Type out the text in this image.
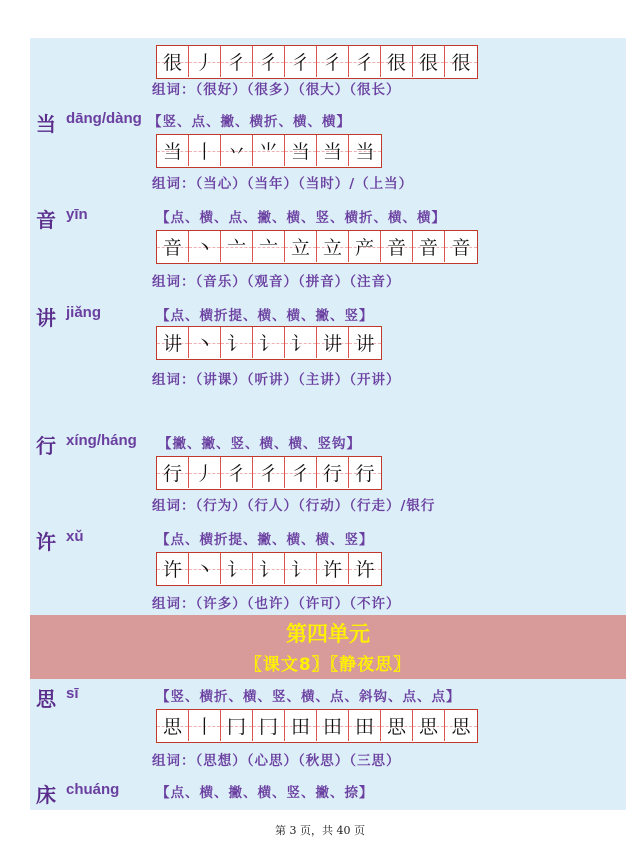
很 丿 彳 彳 彳 彳 彳 很 很 很
组词：（很好）（很多）（很大）（很长）
当 dāng/dàng 【竖、点、撇、横折、横、横】
当 丨 丷 ⺌ 当 当 当
组词：（当心）（当年）（当时）/（上当）
音 yīn	【点、横、点、撇、横、竖、横折、横、横】
音 丶 亠 亠 立 立 产 音 音 音
组词：（音乐）（观音）（拼音）（注音）
讲 jiǎng	【点、横折提、横、横、撇、竖】
讲 丶 讠 讠 讠 讲 讲
组词：（讲课）（听讲）（主讲）（开讲）
行 xíng/háng 【撇、撇、竖、横、横、竖钩】
行 丿 彳 彳 彳 行 行
组词：（行为）（行人）（行动）（行走）/银行
许 xǔ	【点、横折提、撇、横、横、竖】
许 丶 讠 讠 讠 许 许
组词：（许多）（也许）（许可）（不许）
第四单元
〖课文8〗〖静夜思〗
思 sī	【竖、横折、横、竖、横、点、斜钩、点、点】
思 丨 冂 冂 田 田 田 思 思 思
组词：（思想）（心思）（秋思）（三思）
床 chuáng	【点、横、撇、横、竖、撇、捺】
第 3 页，共 40 页
